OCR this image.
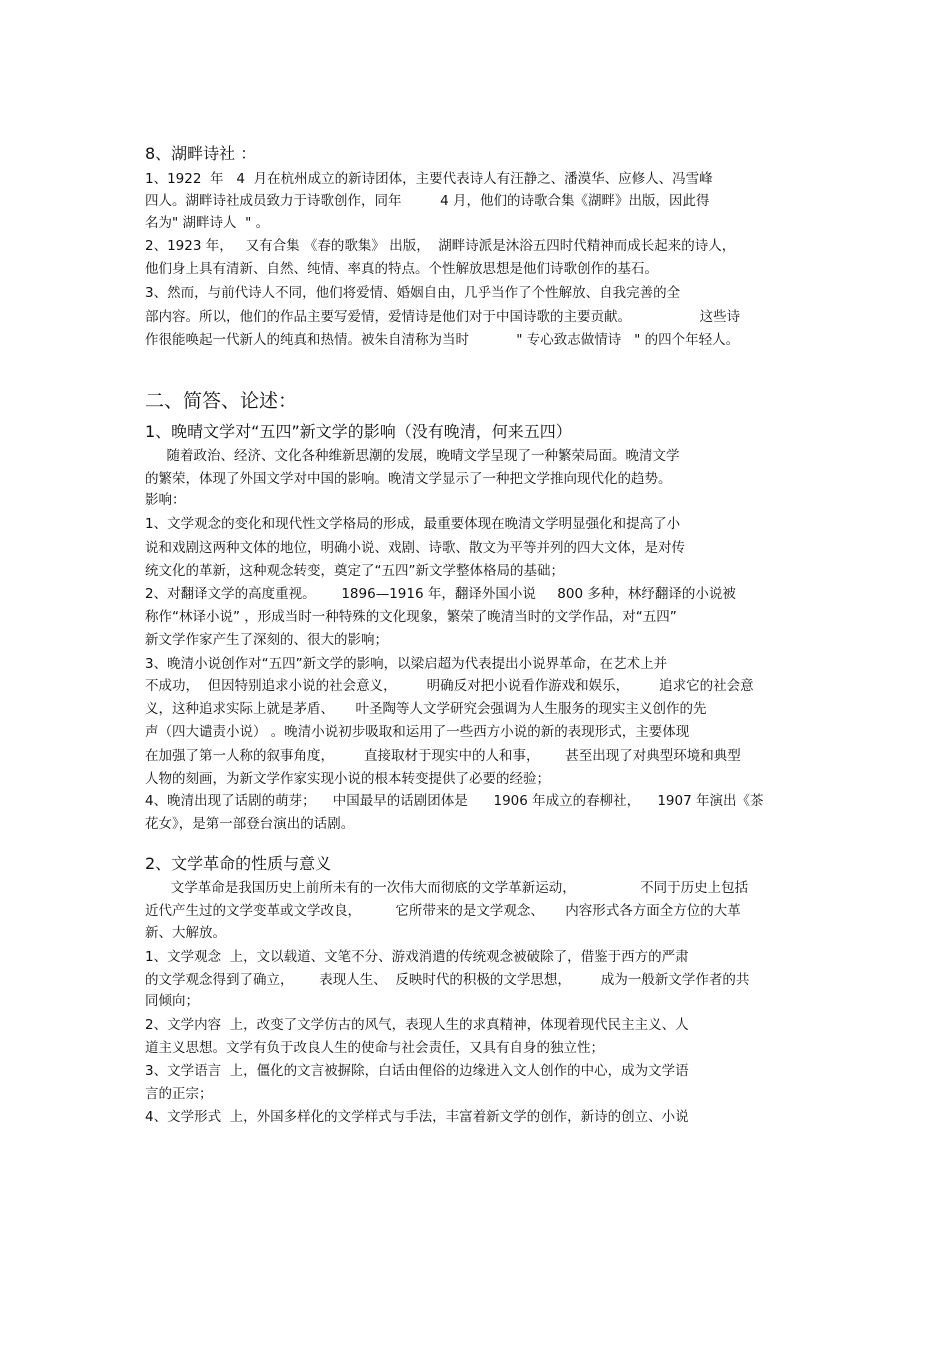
8、湖畔诗社 ：
1、1922  年   4  月在杭州成立的新诗团体，主要代表诗人有汪静之、潘漠华、应修人、冯雪峰
四人。湖畔诗社成员致力于诗歌创作，同年         4 月，他们的诗歌合集《湖畔》出版，因此得
名为" 湖畔诗人  " 。
2、1923 年，   又有合集 《春的歌集》 出版，  湖畔诗派是沐浴五四时代精神而成长起来的诗人，
他们身上具有清新、自然、纯情、率真的特点。个性解放思想是他们诗歌创作的基石。
3、然而，与前代诗人不同，他们将爱情、婚姻自由，几乎当作了个性解放、自我完善的全
部内容。所以，他们的作品主要写爱情，爱情诗是他们对于中国诗歌的主要贡献。                这些诗
作很能唤起一代新人的纯真和热情。被朱自清称为当时           " 专心致志做情诗   " 的四个年轻人。
二、简答、论述：
1、晚晴文学对“五四”新文学的影响（没有晚清，何来五四）
随着政治、经济、文化各种维新思潮的发展，晚晴文学呈现了一种繁荣局面。晚清文学
的繁荣，体现了外国文学对中国的影响。晚清文学显示了一种把文学推向现代化的趋势。
影响：
1、文学观念的变化和现代性文学格局的形成，最重要体现在晚清文学明显强化和提高了小
说和戏剧这两种文体的地位，明确小说、戏剧、诗歌、散文为平等并列的四大文体，是对传
统文化的革新，这种观念转变，奠定了“五四”新文学整体格局的基础；
2、对翻译文学的高度重视。      1896—1916 年，翻译外国小说     800 多种，林纾翻译的小说被
称作“林译小说” ，形成当时一种特殊的文化现象，繁荣了晚清当时的文学作品，对“五四”
新文学作家产生了深刻的、很大的影响；
3、晚清小说创作对“五四”新文学的影响，以梁启超为代表提出小说界革命，在艺术上并
不成功，  但因特别追求小说的社会意义，       明确反对把小说看作游戏和娱乐，       追求它的社会意
义，这种追求实际上就是茅盾、     叶圣陶等人文学研究会强调为人生服务的现实主义创作的先
声（四大谴责小说） 。晚清小说初步吸取和运用了一些西方小说的新的表现形式，主要体现
在加强了第一人称的叙事角度，       直接取材于现实中的人和事，      甚至出现了对典型环境和典型
人物的刻画，为新文学作家实现小说的根本转变提供了必要的经验；
4、晚清出现了话剧的萌芽；    中国最早的话剧团体是      1906 年成立的春柳社，    1907 年演出《茶
花女》，是第一部登台演出的话剧。
2、文学革命的性质与意义
文学革命是我国历史上前所未有的一次伟大而彻底的文学革新运动，               不同于历史上包括
近代产生过的文学变革或文学改良，        它所带来的是文学观念、     内容形式各方面全方位的大革
新、大解放。
1、文学观念  上，文以载道、文笔不分、游戏消遣的传统观念被破除了，借鉴于西方的严肃
的文学观念得到了确立，      表现人生、  反映时代的积极的文学思想，       成为一般新文学作者的共
同倾向；
2、文学内容  上，改变了文学仿古的风气，表现人生的求真精神，体现着现代民主主义、人
道主义思想。文学有负于改良人生的使命与社会责任，又具有自身的独立性；
3、文学语言  上，僵化的文言被摒除，白话由俚俗的边缘进入文人创作的中心，成为文学语
言的正宗；
4、文学形式  上，外国多样化的文学样式与手法，丰富着新文学的创作，新诗的创立、小说
